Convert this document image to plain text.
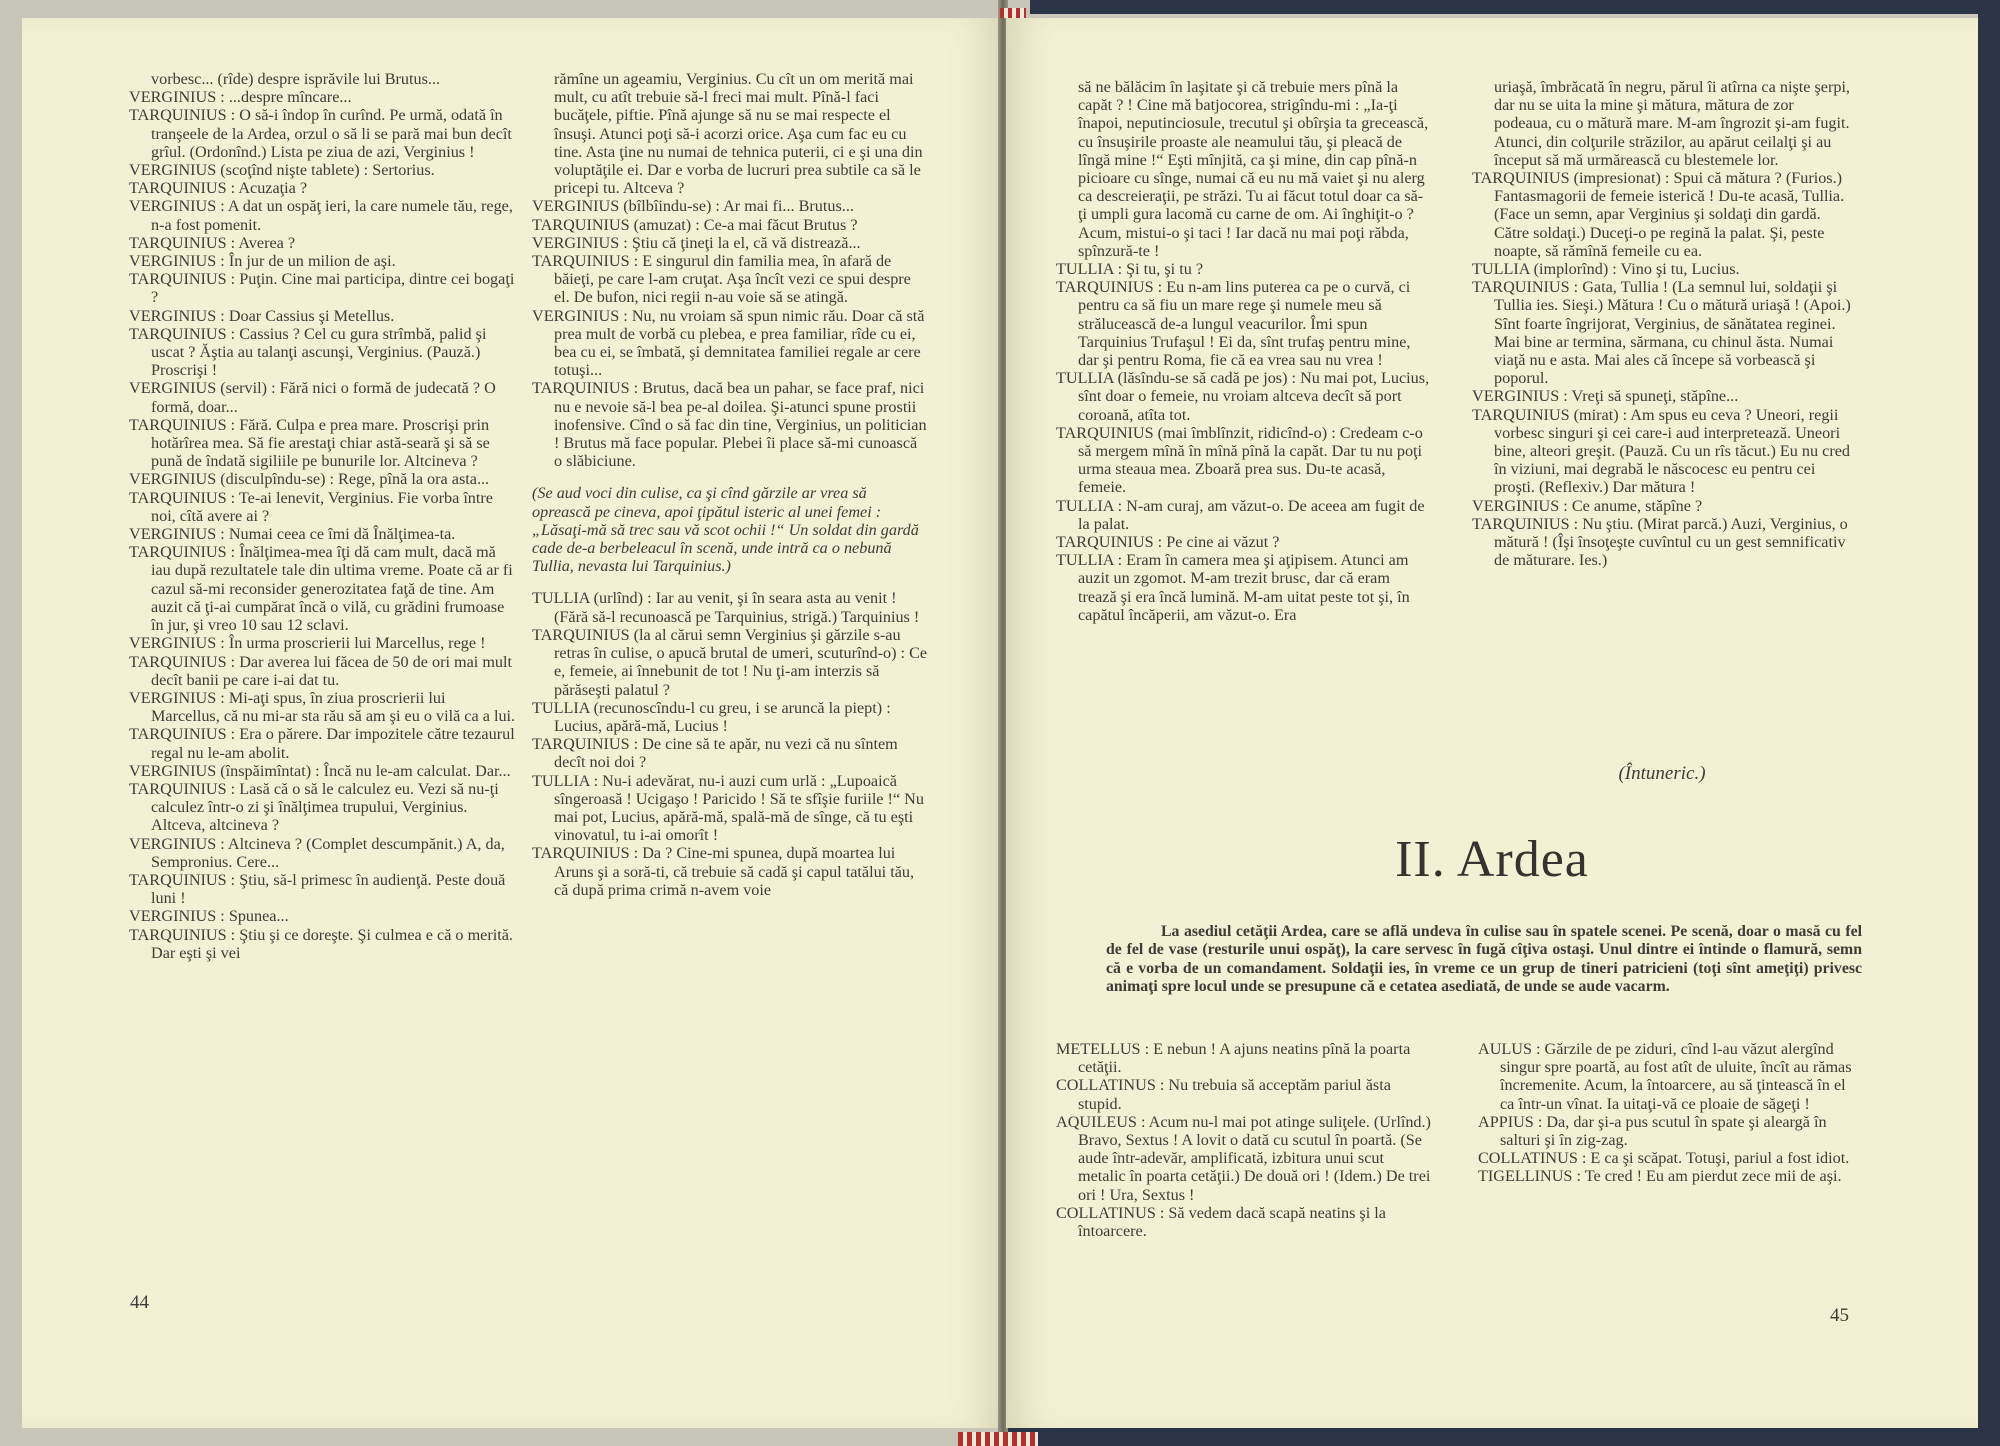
vorbesc... (rîde) despre isprăvile lui Brutus...

VERGINIUS : ...despre mîncare...

TARQUINIUS : O să-i îndop în curînd. Pe urmă, odată în tranşeele de la Ardea, orzul o să li se pară mai bun decît grîul. (Ordonînd.) Lista pe ziua de azi, Verginius !

VERGINIUS (scoţînd nişte tablete) : Sertorius.

TARQUINIUS : Acuzaţia ?

VERGINIUS : A dat un ospăţ ieri, la care numele tău, rege, n-a fost pomenit.

TARQUINIUS : Averea ?

VERGINIUS : În jur de un milion de aşi.

TARQUINIUS : Puţin. Cine mai participa, dintre cei bogaţi ?

VERGINIUS : Doar Cassius şi Metellus.

TARQUINIUS : Cassius ? Cel cu gura strîmbă, palid şi uscat ? Ăştia au talanţi ascunşi, Verginius. (Pauză.) Proscrişi !

VERGINIUS (servil) : Fără nici o formă de judecată ? O formă, doar...

TARQUINIUS : Fără. Culpa e prea mare. Proscrişi prin hotărîrea mea. Să fie arestaţi chiar astă-seară şi să se pună de îndată sigiliile pe bunurile lor. Altcineva ?

VERGINIUS (disculpîndu-se) : Rege, pînă la ora asta...

TARQUINIUS : Te-ai lenevit, Verginius. Fie vorba între noi, cîtă avere ai ?

VERGINIUS : Numai ceea ce îmi dă Înălţimea-ta.

TARQUINIUS : Înălţimea-mea îţi dă cam mult, dacă mă iau după rezultatele tale din ultima vreme. Poate că ar fi cazul să-mi reconsider generozitatea faţă de tine. Am auzit că ţi-ai cumpărat încă o vilă, cu grădini frumoase în jur, şi vreo 10 sau 12 sclavi.

VERGINIUS : În urma proscrierii lui Marcellus, rege !

TARQUINIUS : Dar averea lui făcea de 50 de ori mai mult decît banii pe care i-ai dat tu.

VERGINIUS : Mi-aţi spus, în ziua proscrierii lui Marcellus, că nu mi-ar sta rău să am şi eu o vilă ca a lui.

TARQUINIUS : Era o părere. Dar impozitele către tezaurul regal nu le-am abolit.

VERGINIUS (înspăimîntat) : Încă nu le-am calculat. Dar...

TARQUINIUS : Lasă că o să le calculez eu. Vezi să nu-ţi calculez într-o zi şi înălţimea trupului, Verginius. Altceva, altcineva ?

VERGINIUS : Altcineva ? (Complet descumpănit.) A, da, Sempronius. Cere...

TARQUINIUS : Ştiu, să-l primesc în audienţă. Peste două luni !

VERGINIUS : Spunea...

TARQUINIUS : Ştiu şi ce doreşte. Şi culmea e că o merită. Dar eşti şi vei

rămîne un ageamiu, Verginius. Cu cît un om merită mai mult, cu atît trebuie să-l freci mai mult. Pînă-l faci bucăţele, piftie. Pînă ajunge să nu se mai respecte el însuşi. Atunci poţi să-i acorzi orice. Aşa cum fac eu cu tine. Asta ţine nu numai de tehnica puterii, ci e şi una din voluptăţile ei. Dar e vorba de lucruri prea subtile ca să le pricepi tu. Altceva ?

VERGINIUS (bîlbîindu-se) : Ar mai fi... Brutus...

TARQUINIUS (amuzat) : Ce-a mai făcut Brutus ?

VERGINIUS : Ştiu că ţineţi la el, că vă distrează...

TARQUINIUS : E singurul din familia mea, în afară de băieţi, pe care l-am cruţat. Aşa încît vezi ce spui despre el. De bufon, nici regii n-au voie să se atingă.

VERGINIUS : Nu, nu vroiam să spun nimic rău. Doar că stă prea mult de vorbă cu plebea, e prea familiar, rîde cu ei, bea cu ei, se îmbată, şi demnitatea familiei regale ar cere totuşi...

TARQUINIUS : Brutus, dacă bea un pahar, se face praf, nici nu e nevoie să-l bea pe-al doilea. Şi-atunci spune prostii inofensive. Cînd o să fac din tine, Verginius, un politician ! Brutus mă face popular. Plebei îi place să-mi cunoască o slăbiciune.

(Se aud voci din culise, ca şi cînd gărzile ar vrea să oprească pe cineva, apoi ţipătul isteric al unei femei : „Lăsaţi-mă să trec sau vă scot ochii !“ Un soldat din gardă cade de-a berbeleacul în scenă, unde intră ca o nebună Tullia, nevasta lui Tarquinius.)

TULLIA (urlînd) : Iar au venit, şi în seara asta au venit ! (Fără să-l recunoască pe Tarquinius, strigă.) Tarquinius !

TARQUINIUS (la al cărui semn Verginius şi gărzile s-au retras în culise, o apucă brutal de umeri, scuturînd-o) : Ce e, femeie, ai înnebunit de tot ! Nu ţi-am interzis să părăseşti palatul ?

TULLIA (recunoscîndu-l cu greu, i se aruncă la piept) : Lucius, apără-mă, Lucius !

TARQUINIUS : De cine să te apăr, nu vezi că nu sîntem decît noi doi ?

TULLIA : Nu-i adevărat, nu-i auzi cum urlă : „Lupoaică sîngeroasă ! Ucigaşo ! Paricido ! Să te sfîşie furiile !“ Nu mai pot, Lucius, apără-mă, spală-mă de sînge, că tu eşti vinovatul, tu i-ai omorît !

TARQUINIUS : Da ? Cine-mi spunea, după moartea lui Aruns şi a soră-ti, că trebuie să cadă şi capul tatălui tău, că după prima crimă n-avem voie

44

să ne bălăcim în laşitate şi că trebuie mers pînă la capăt ? ! Cine mă batjocorea, strigîndu-mi : „Ia-ţi înapoi, neputinciosule, trecutul şi obîrşia ta grecească, cu însuşirile proaste ale neamului tău, şi pleacă de lîngă mine !“ Eşti mînjită, ca şi mine, din cap pînă-n picioare cu sînge, numai că eu nu mă vaiet şi nu alerg ca descreieraţii, pe străzi. Tu ai făcut totul doar ca să-ţi umpli gura lacomă cu carne de om. Ai înghiţit-o ? Acum, mistui-o şi taci ! Iar dacă nu mai poţi răbda, spînzură-te !

TULLIA : Şi tu, şi tu ?

TARQUINIUS : Eu n-am lins puterea ca pe o curvă, ci pentru ca să fiu un mare rege şi numele meu să strălucească de-a lungul veacurilor. Îmi spun Tarquinius Trufaşul ! Ei da, sînt trufaş pentru mine, dar şi pentru Roma, fie că ea vrea sau nu vrea !

TULLIA (lăsîndu-se să cadă pe jos) : Nu mai pot, Lucius, sînt doar o femeie, nu vroiam altceva decît să port coroană, atîta tot.

TARQUINIUS (mai îmblînzit, ridicînd-o) : Credeam c-o să mergem mînă în mînă pînă la capăt. Dar tu nu poţi urma steaua mea. Zboară prea sus. Du-te acasă, femeie.

TULLIA : N-am curaj, am văzut-o. De aceea am fugit de la palat.

TARQUINIUS : Pe cine ai văzut ?

TULLIA : Eram în camera mea şi aţipisem. Atunci am auzit un zgomot. M-am trezit brusc, dar că eram trează şi era încă lumină. M-am uitat peste tot şi, în capătul încăperii, am văzut-o. Era

uriaşă, îmbrăcată în negru, părul îi atîrna ca nişte şerpi, dar nu se uita la mine şi mătura, mătura de zor podeaua, cu o mătură mare. M-am îngrozit şi-am fugit. Atunci, din colţurile străzilor, au apărut ceilalţi şi au început să mă urmărească cu blestemele lor.

TARQUINIUS (impresionat) : Spui că mătura ? (Furios.) Fantasmagorii de femeie isterică ! Du-te acasă, Tullia. (Face un semn, apar Verginius şi soldaţi din gardă. Către soldaţi.) Duceţi-o pe regină la palat. Şi, peste noapte, să rămînă femeile cu ea.

TULLIA (implorînd) : Vino şi tu, Lucius.

TARQUINIUS : Gata, Tullia ! (La semnul lui, soldaţii şi Tullia ies. Sieşi.) Mătura ! Cu o mătură uriaşă ! (Apoi.) Sînt foarte îngrijorat, Verginius, de sănătatea reginei. Mai bine ar termina, sărmana, cu chinul ăsta. Numai viaţă nu e asta. Mai ales că începe să vorbească şi poporul.

VERGINIUS : Vreţi să spuneţi, stăpîne...

TARQUINIUS (mirat) : Am spus eu ceva ? Uneori, regii vorbesc singuri şi cei care-i aud interpretează. Uneori bine, alteori greşit. (Pauză. Cu un rîs tăcut.) Eu nu cred în viziuni, mai degrabă le născocesc eu pentru cei proşti. (Reflexiv.) Dar mătura !

VERGINIUS : Ce anume, stăpîne ?

TARQUINIUS : Nu ştiu. (Mirat parcă.) Auzi, Verginius, o mătură ! (Îşi însoţeşte cuvîntul cu un gest semnificativ de măturare. Ies.)

(Întuneric.)
II. Ardea

La asediul cetăţii Ardea, care se află undeva în culise sau în spatele scenei. Pe scenă, doar o masă cu fel de fel de vase (resturile unui ospăţ), la care servesc în fugă cîţiva ostaşi. Unul dintre ei întinde o flamură, semn că e vorba de un comandament. Soldaţii ies, în vreme ce un grup de tineri patricieni (toţi sînt ameţiţi) privesc animaţi spre locul unde se presupune că e cetatea asediată, de unde se aude vacarm.

METELLUS : E nebun ! A ajuns neatins pînă la poarta cetăţii.

COLLATINUS : Nu trebuia să acceptăm pariul ăsta stupid.

AQUILEUS : Acum nu-l mai pot atinge suliţele. (Urlînd.) Bravo, Sextus ! A lovit o dată cu scutul în poartă. (Se aude într-adevăr, amplificată, izbitura unui scut metalic în poarta cetăţii.) De două ori ! (Idem.) De trei ori ! Ura, Sextus !

COLLATINUS : Să vedem dacă scapă neatins şi la întoarcere.

AULUS : Gărzile de pe ziduri, cînd l-au văzut alergînd singur spre poartă, au fost atît de uluite, încît au rămas încremenite. Acum, la întoarcere, au să ţintească în el ca într-un vînat. Ia uitaţi-vă ce ploaie de săgeţi !

APPIUS : Da, dar şi-a pus scutul în spate şi aleargă în salturi şi în zig-zag.

COLLATINUS : E ca şi scăpat. Totuşi, pariul a fost idiot.

TIGELLINUS : Te cred ! Eu am pierdut zece mii de aşi.

45
